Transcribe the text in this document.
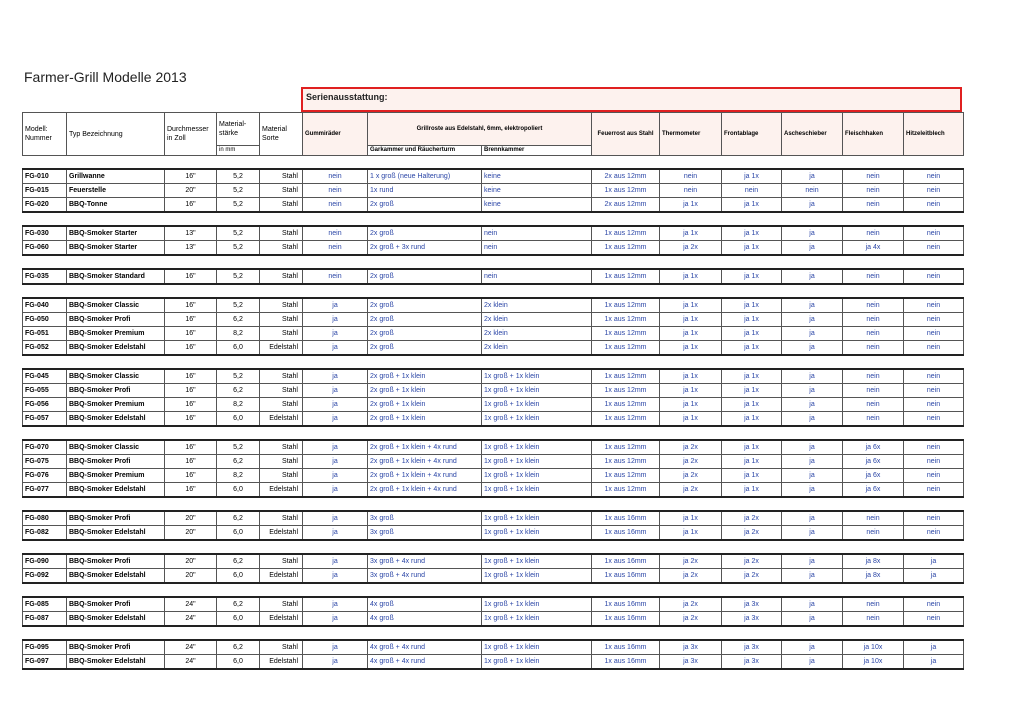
Farmer-Grill Modelle 2013
Serienausstattung:
Modell: Nummer	Typ Bezeichnung	Durchmesser in Zoll	Material- stärke	Material Sorte	Gummiräder	Grillroste aus Edelstahl, 6mm, elektropoliert		Feuerrost aus Stahl	Thermometer	Frontablage	Ascheschieber	Fleischhaken	Hitzeleitblech
			in mm			Garkammer und Räucherturm	Brennkammer						

FG-010	Grillwanne	16"	5,2	Stahl	nein	1 x groß (neue Halterung)	keine	2x aus 12mm	nein	ja 1x	ja	nein	nein
FG-015	Feuerstelle	20"	5,2	Stahl	nein	1x rund	keine	1x aus 12mm	nein	nein	nein	nein	nein
FG-020	BBQ-Tonne	16"	5,2	Stahl	nein	2x groß	keine	2x aus 12mm	ja 1x	ja 1x	ja	nein	nein

FG-030	BBQ-Smoker Starter	13"	5,2	Stahl	nein	2x groß	nein	1x aus 12mm	ja 1x	ja 1x	ja	nein	nein
FG-060	BBQ-Smoker Starter	13"	5,2	Stahl	nein	2x groß + 3x rund	nein	1x aus 12mm	ja 2x	ja 1x	ja	ja 4x	nein

FG-035	BBQ-Smoker Standard	16"	5,2	Stahl	nein	2x groß	nein	1x aus 12mm	ja 1x	ja 1x	ja	nein	nein

FG-040	BBQ-Smoker Classic	16"	5,2	Stahl	ja	2x groß	2x klein	1x aus 12mm	ja 1x	ja 1x	ja	nein	nein
FG-050	BBQ-Smoker Profi	16"	6,2	Stahl	ja	2x groß	2x klein	1x aus 12mm	ja 1x	ja 1x	ja	nein	nein
FG-051	BBQ-Smoker Premium	16"	8,2	Stahl	ja	2x groß	2x klein	1x aus 12mm	ja 1x	ja 1x	ja	nein	nein
FG-052	BBQ-Smoker Edelstahl	16"	6,0	Edelstahl	ja	2x groß	2x klein	1x aus 12mm	ja 1x	ja 1x	ja	nein	nein

FG-045	BBQ-Smoker Classic	16"	5,2	Stahl	ja	2x groß + 1x klein	1x groß + 1x klein	1x aus 12mm	ja 1x	ja 1x	ja	nein	nein
FG-055	BBQ-Smoker Profi	16"	6,2	Stahl	ja	2x groß + 1x klein	1x groß + 1x klein	1x aus 12mm	ja 1x	ja 1x	ja	nein	nein
FG-056	BBQ-Smoker Premium	16"	8,2	Stahl	ja	2x groß + 1x klein	1x groß + 1x klein	1x aus 12mm	ja 1x	ja 1x	ja	nein	nein
FG-057	BBQ-Smoker Edelstahl	16"	6,0	Edelstahl	ja	2x groß + 1x klein	1x groß + 1x klein	1x aus 12mm	ja 1x	ja 1x	ja	nein	nein

FG-070	BBQ-Smoker Classic	16"	5,2	Stahl	ja	2x groß + 1x klein + 4x rund	1x groß + 1x klein	1x aus 12mm	ja 2x	ja 1x	ja	ja 6x	nein
FG-075	BBQ-Smoker Profi	16"	6,2	Stahl	ja	2x groß + 1x klein + 4x rund	1x groß + 1x klein	1x aus 12mm	ja 2x	ja 1x	ja	ja 6x	nein
FG-076	BBQ-Smoker Premium	16"	8,2	Stahl	ja	2x groß + 1x klein + 4x rund	1x groß + 1x klein	1x aus 12mm	ja 2x	ja 1x	ja	ja 6x	nein
FG-077	BBQ-Smoker Edelstahl	16"	6,0	Edelstahl	ja	2x groß + 1x klein + 4x rund	1x groß + 1x klein	1x aus 12mm	ja 2x	ja 1x	ja	ja 6x	nein

FG-080	BBQ-Smoker Profi	20"	6,2	Stahl	ja	3x groß	1x groß + 1x klein	1x aus 16mm	ja 1x	ja 2x	ja	nein	nein
FG-082	BBQ-Smoker Edelstahl	20"	6,0	Edelstahl	ja	3x groß	1x groß + 1x klein	1x aus 16mm	ja 1x	ja 2x	ja	nein	nein

FG-090	BBQ-Smoker Profi	20"	6,2	Stahl	ja	3x groß + 4x rund	1x groß + 1x klein	1x aus 16mm	ja 2x	ja 2x	ja	ja 8x	ja
FG-092	BBQ-Smoker Edelstahl	20"	6,0	Edelstahl	ja	3x groß + 4x rund	1x groß + 1x klein	1x aus 16mm	ja 2x	ja 2x	ja	ja 8x	ja

FG-085	BBQ-Smoker Profi	24"	6,2	Stahl	ja	4x groß	1x groß + 1x klein	1x aus 16mm	ja 2x	ja 3x	ja	nein	nein
FG-087	BBQ-Smoker Edelstahl	24"	6,0	Edelstahl	ja	4x groß	1x groß + 1x klein	1x aus 16mm	ja 2x	ja 3x	ja	nein	nein

FG-095	BBQ-Smoker Profi	24"	6,2	Stahl	ja	4x groß + 4x rund	1x groß + 1x klein	1x aus 16mm	ja 3x	ja 3x	ja	ja 10x	ja
FG-097	BBQ-Smoker Edelstahl	24"	6,0	Edelstahl	ja	4x groß + 4x rund	1x groß + 1x klein	1x aus 16mm	ja 3x	ja 3x	ja	ja 10x	ja
